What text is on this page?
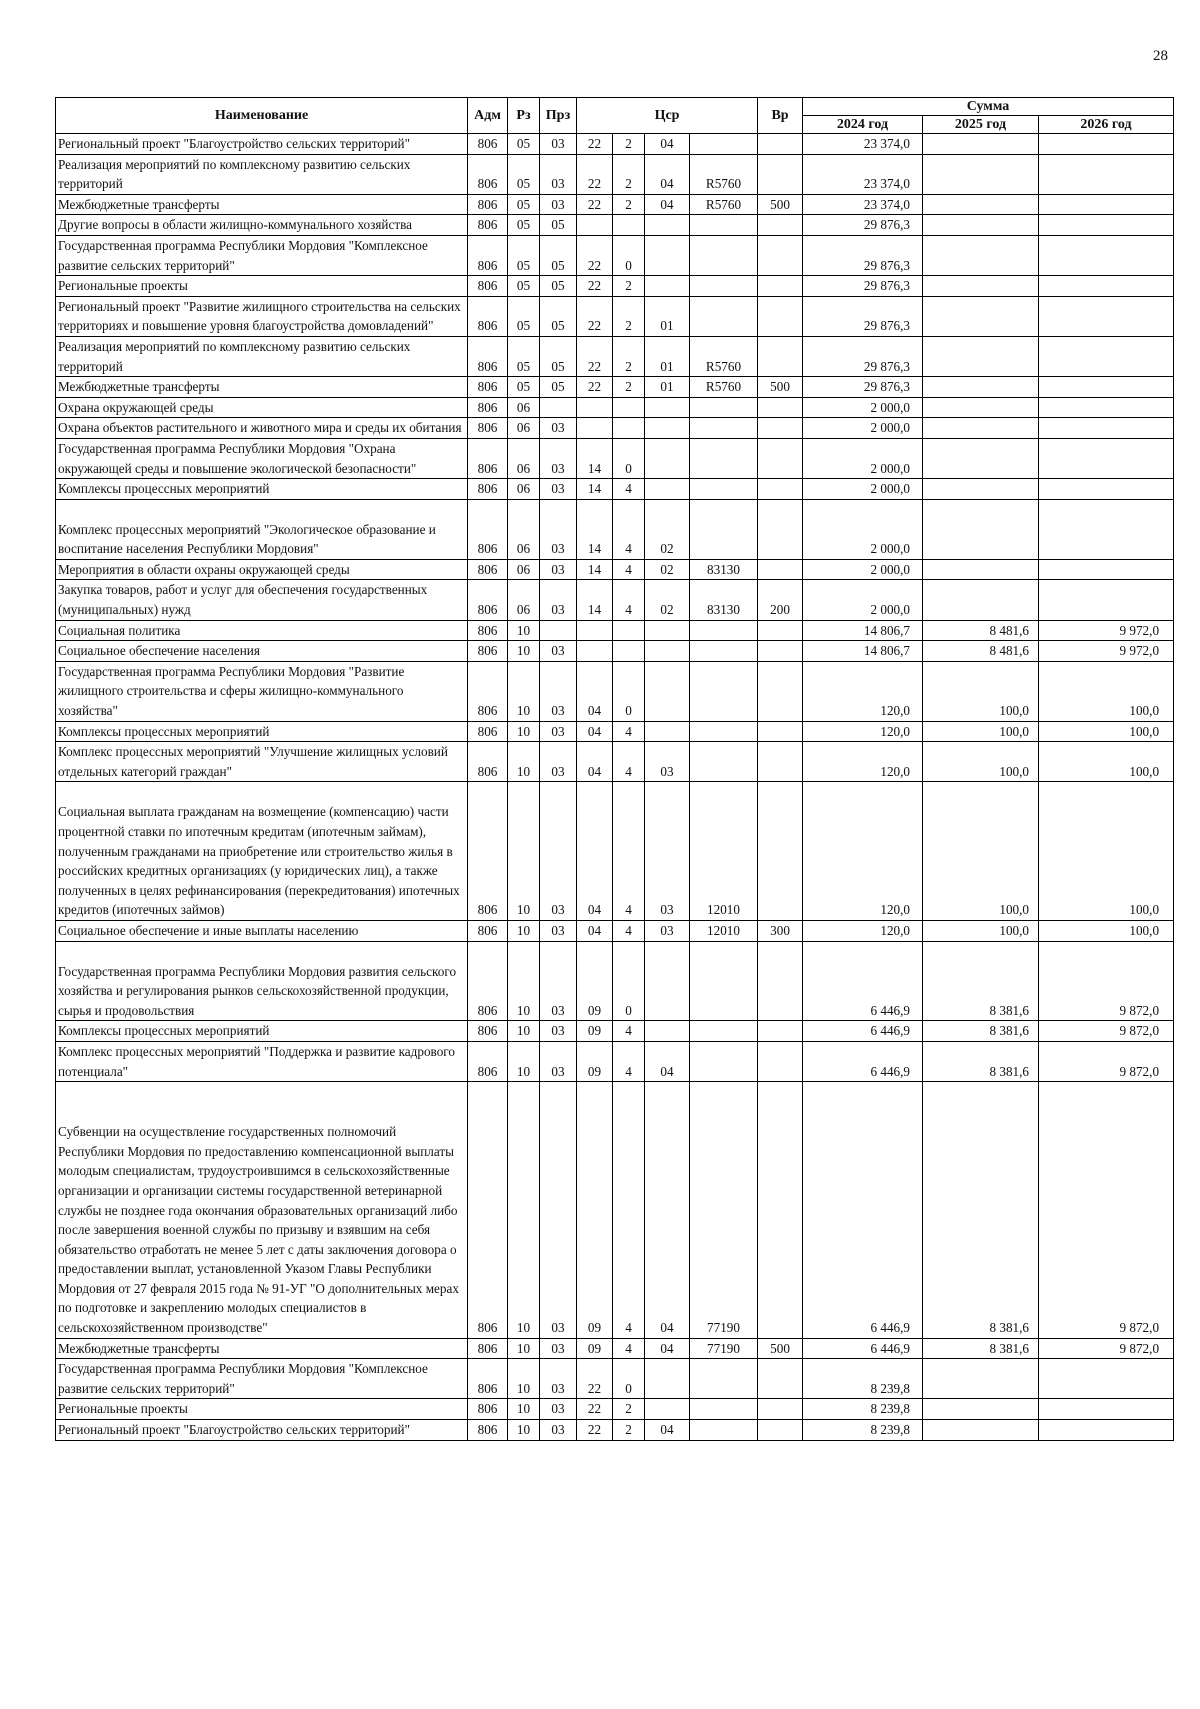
28
Наименование	Адм	Рз	Прз	Цср				Вр	Сумма		
									2024 год	2025 год	2026 год
Региональный проект "Благоустройство сельских территорий"	806	05	03	22	2	04			23 374,0		
Реализация мероприятий по комплексному развитию сельских территорий	806	05	03	22	2	04	R5760		23 374,0		
Межбюджетные трансферты	806	05	03	22	2	04	R5760	500	23 374,0		
Другие вопросы в области жилищно-коммунального хозяйства	806	05	05						29 876,3		
Государственная программа Республики Мордовия "Комплексное развитие сельских территорий"	806	05	05	22	0				29 876,3		
Региональные проекты	806	05	05	22	2				29 876,3		
Региональный проект "Развитие жилищного строительства на сельских территориях и повышение уровня благоустройства домовладений"	806	05	05	22	2	01			29 876,3		
Реализация мероприятий по комплексному развитию сельских территорий	806	05	05	22	2	01	R5760		29 876,3		
Межбюджетные трансферты	806	05	05	22	2	01	R5760	500	29 876,3		
Охрана окружающей среды	806	06							2 000,0		
Охрана объектов растительного и животного мира и среды их обитания	806	06	03						2 000,0		
Государственная программа Республики Мордовия "Охрана окружающей среды и повышение экологической безопасности"	806	06	03	14	0				2 000,0		
Комплексы процессных мероприятий	806	06	03	14	4				2 000,0		
Комплекс процессных мероприятий "Экологическое образование и воспитание населения Республики Мордовия"	806	06	03	14	4	02			2 000,0		
Мероприятия в области охраны окружающей среды	806	06	03	14	4	02	83130		2 000,0		
Закупка товаров, работ и услуг для обеспечения государственных (муниципальных) нужд	806	06	03	14	4	02	83130	200	2 000,0		
Социальная политика	806	10							14 806,7	8 481,6	9 972,0
Социальное обеспечение населения	806	10	03						14 806,7	8 481,6	9 972,0
Государственная программа Республики Мордовия "Развитие жилищного строительства и сферы жилищно-коммунального хозяйства"	806	10	03	04	0				120,0	100,0	100,0
Комплексы процессных мероприятий	806	10	03	04	4				120,0	100,0	100,0
Комплекс процессных мероприятий "Улучшение жилищных условий отдельных категорий граждан"	806	10	03	04	4	03			120,0	100,0	100,0
Социальная выплата гражданам на возмещение (компенсацию) части процентной ставки по ипотечным кредитам (ипотечным займам), полученным гражданами на приобретение или строительство жилья в российских кредитных организациях (у юридических лиц), а также полученных в целях рефинансирования (перекредитования) ипотечных кредитов (ипотечных займов)	806	10	03	04	4	03	12010		120,0	100,0	100,0
Социальное обеспечение и иные выплаты населению	806	10	03	04	4	03	12010	300	120,0	100,0	100,0
Государственная программа Республики Мордовия развития сельского хозяйства и регулирования рынков сельскохозяйственной продукции, сырья и продовольствия	806	10	03	09	0				6 446,9	8 381,6	9 872,0
Комплексы процессных мероприятий	806	10	03	09	4				6 446,9	8 381,6	9 872,0
Комплекс процессных мероприятий "Поддержка и развитие кадрового потенциала"	806	10	03	09	4	04			6 446,9	8 381,6	9 872,0
Субвенции на осуществление государственных полномочий Республики Мордовия по предоставлению компенсационной выплаты молодым специалистам, трудоустроившимся в сельскохозяйственные организации и организации системы государственной ветеринарной службы не позднее года окончания образовательных организаций либо после завершения военной службы по призыву и взявшим на себя обязательство отработать не менее 5 лет с даты заключения договора о предоставлении выплат, установленной Указом Главы Республики Мордовия от 27 февраля 2015 года № 91-УГ "О дополнительных мерах по подготовке и закреплению молодых специалистов в сельскохозяйственном производстве"	806	10	03	09	4	04	77190		6 446,9	8 381,6	9 872,0
Межбюджетные трансферты	806	10	03	09	4	04	77190	500	6 446,9	8 381,6	9 872,0
Государственная программа Республики Мордовия "Комплексное развитие сельских территорий"	806	10	03	22	0				8 239,8		
Региональные проекты	806	10	03	22	2				8 239,8		
Региональный проект "Благоустройство сельских территорий"	806	10	03	22	2	04			8 239,8		
